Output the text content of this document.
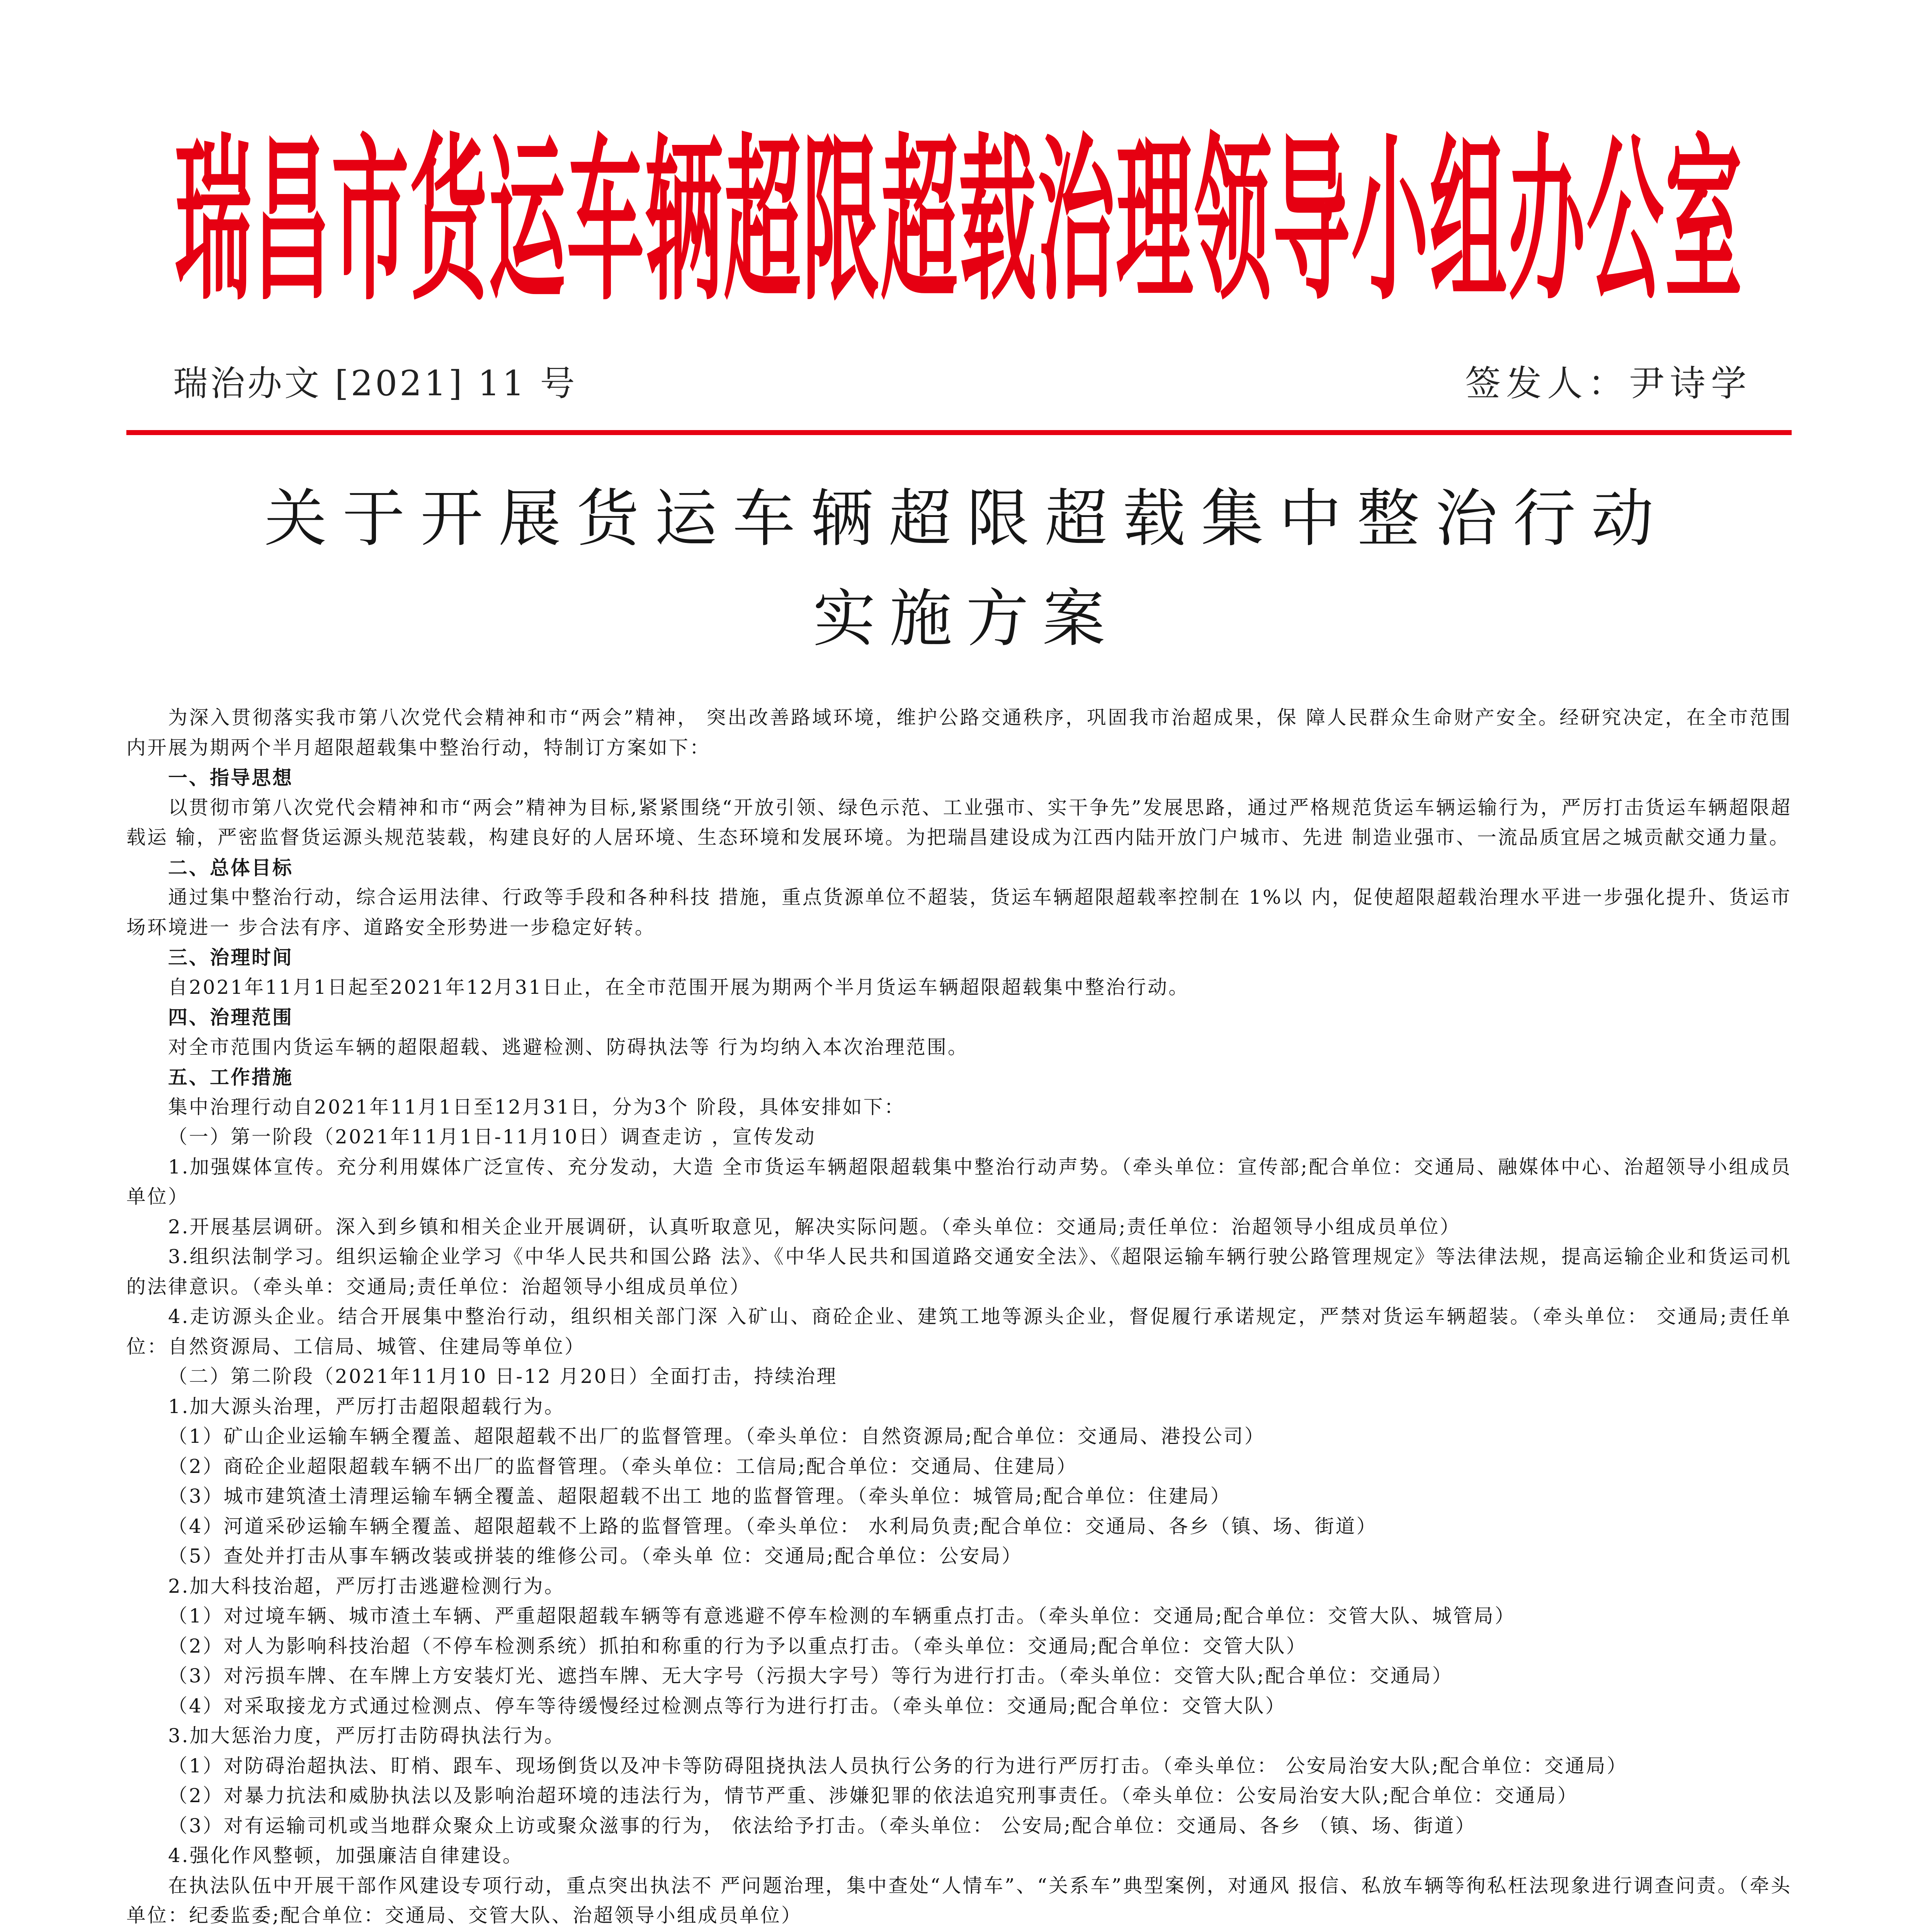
瑞昌市货运车辆超限超载治理领导小组办公室
瑞治办文 [2021] 11 号	签发人：尹诗学
关于开展货运车辆超限超载集中整治行动
实施方案

为深入贯彻落实我市第八次党代会精神和市“两会”精神， 突出改善路域环境，维护公路交通秩序，巩固我市治超成果，保 障人民群众生命财产安全。经研究决定，在全市范围内开展为期两个半月超限超载集中整治行动，特制订方案如下：

一、指导思想

以贯彻市第八次党代会精神和市“两会”精神为目标,紧紧围绕“开放引领、绿色示范、工业强市、实干争先”发展思路，通过严格规范货运车辆运输行为，严厉打击货运车辆超限超载运 输，严密监督货运源头规范装载，构建良好的人居环境、生态环境和发展环境。为把瑞昌建设成为江西内陆开放门户城市、先进 制造业强市、一流品质宜居之城贡献交通力量。

二、总体目标

通过集中整治行动，综合运用法律、行政等手段和各种科技 措施，重点货源单位不超装，货运车辆超限超载率控制在 1%以 内，促使超限超载治理水平进一步强化提升、货运市场环境进一 步合法有序、道路安全形势进一步稳定好转。

三、治理时间

自2021年11月1日起至2021年12月31日止，在全市范围开展为期两个半月货运车辆超限超载集中整治行动。

四、治理范围

对全市范围内货运车辆的超限超载、逃避检测、防碍执法等 行为均纳入本次治理范围。

五、工作措施

集中治理行动自2021年11月1日至12月31日，分为3个 阶段，具体安排如下：

（一）第一阶段（2021年11月1日-11月10日）调查走访 ，宣传发动

1.加强媒体宣传。充分利用媒体广泛宣传、充分发动，大造 全市货运车辆超限超载集中整治行动声势。（牵头单位：宣传部;配合单位：交通局、融媒体中心、治超领导小组成员单位）

2.开展基层调研。深入到乡镇和相关企业开展调研，认真听取意见，解决实际问题。（牵头单位：交通局;责任单位：治超领导小组成员单位）

3.组织法制学习。组织运输企业学习《中华人民共和国公路 法》、《中华人民共和国道路交通安全法》、《超限运输车辆行驶公路管理规定》等法律法规，提高运输企业和货运司机的法律意识。（牵头单：交通局;责任单位：治超领导小组成员单位）

4.走访源头企业。结合开展集中整治行动，组织相关部门深 入矿山、商砼企业、建筑工地等源头企业，督促履行承诺规定，严禁对货运车辆超装。（牵头单位： 交通局;责任单位：自然资源局、工信局、城管、住建局等单位）

（二）第二阶段（2021年11月10 日-12 月20日）全面打击，持续治理

1.加大源头治理，严厉打击超限超载行为。

（1）矿山企业运输车辆全覆盖、超限超载不出厂的监督管理。（牵头单位：自然资源局;配合单位：交通局、港投公司）

（2）商砼企业超限超载车辆不出厂的监督管理。（牵头单位：工信局;配合单位：交通局、住建局）

（3）城市建筑渣土清理运输车辆全覆盖、超限超载不出工 地的监督管理。（牵头单位：城管局;配合单位：住建局）

（4）河道采砂运输车辆全覆盖、超限超载不上路的监督管理。（牵头单位： 水利局负责;配合单位：交通局、各乡（镇、场、街道）

（5）查处并打击从事车辆改装或拼装的维修公司。（牵头单 位：交通局;配合单位：公安局）

2.加大科技治超，严厉打击逃避检测行为。

（1）对过境车辆、城市渣土车辆、严重超限超载车辆等有意逃避不停车检测的车辆重点打击。（牵头单位：交通局;配合单位：交管大队、城管局）

（2）对人为影响科技治超（不停车检测系统）抓拍和称重的行为予以重点打击。（牵头单位：交通局;配合单位：交管大队）

（3）对污损车牌、在车牌上方安装灯光、遮挡车牌、无大字号（污损大字号）等行为进行打击。（牵头单位：交管大队;配合单位：交通局）

（4）对采取接龙方式通过检测点、停车等待缓慢经过检测点等行为进行打击。（牵头单位：交通局;配合单位：交管大队）

3.加大惩治力度，严厉打击防碍执法行为。

（1）对防碍治超执法、盯梢、跟车、现场倒货以及冲卡等防碍阻挠执法人员执行公务的行为进行严厉打击。（牵头单位： 公安局治安大队;配合单位：交通局）

（2）对暴力抗法和威胁执法以及影响治超环境的违法行为，情节严重、涉嫌犯罪的依法追究刑事责任。（牵头单位：公安局治安大队;配合单位：交通局）

（3）对有运输司机或当地群众聚众上访或聚众滋事的行为， 依法给予打击。（牵头单位： 公安局;配合单位：交通局、各乡 （镇、场、街道）

4.强化作风整顿，加强廉洁自律建设。

在执法队伍中开展干部作风建设专项行动，重点突出执法不 严问题治理，集中查处“人情车”、“关系车”典型案例，对通风 报信、私放车辆等徇私枉法现象进行调查问责。（牵头单位：纪委监委;配合单位：交通局、交管大队、治超领导小组成员单位）
